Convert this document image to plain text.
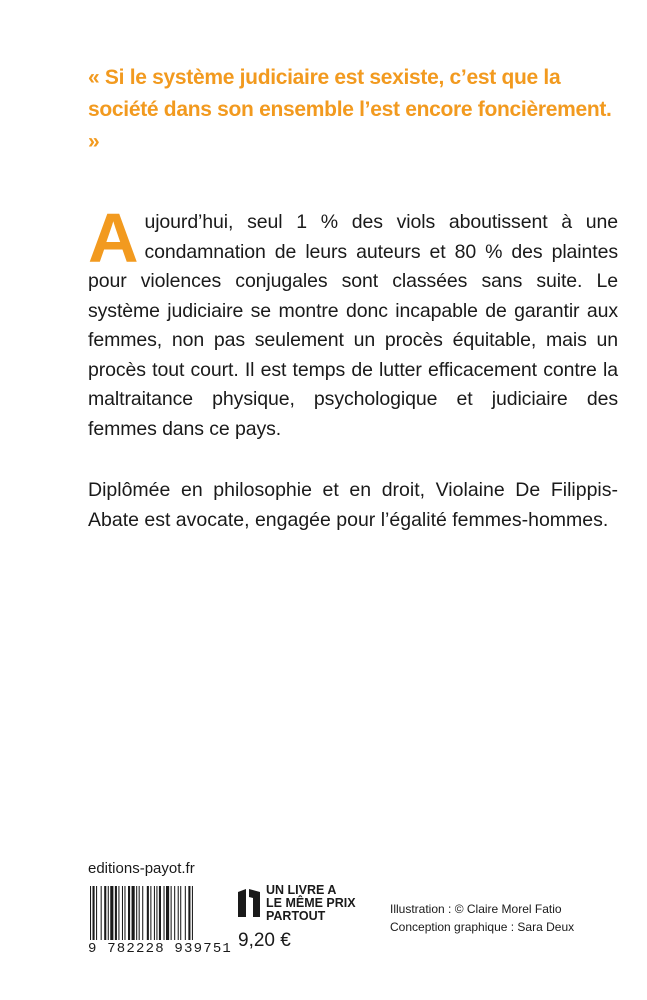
« Si le système judiciaire est sexiste, c’est que la société dans son ensemble l’est encore foncièrement. »

Aujourd’hui, seul 1 % des viols aboutissent à une condamnation de leurs auteurs et 80 % des plaintes pour violences conjugales sont classées sans suite. Le système judiciaire se montre donc incapable de garantir aux femmes, non pas seulement un procès équitable, mais un procès tout court. Il est temps de lutter efficacement contre la maltraitance physique, psychologique et judiciaire des femmes dans ce pays.

Diplômée en philosophie et en droit, Violaine De Filippis-Abate est avocate, engagée pour l’égalité femmes-hommes.

editions-payot.fr
9 782228 939751
UN LIVRE A
LE MÊME PRIX
PARTOUT
9,20 €
Illustration : © Claire Morel Fatio
Conception graphique : Sara Deux
